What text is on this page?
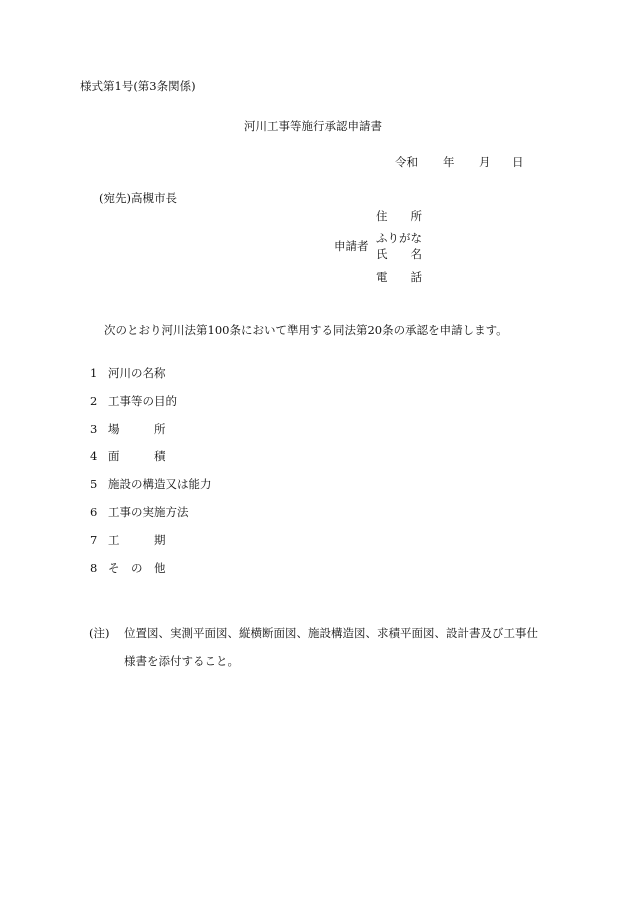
様式第1号(第3条関係)
河川工事等施行承認申請書
令和 年 月 日
(宛先)高槻市長
住　　所
申請者
ふりがな
氏　　名
電　　話
次のとおり河川法第100条において準用する同法第20条の承認を申請します。
1 河川の名称
2 工事等の目的
3 場　　　所
4 面　　　積
5 施設の構造又は能力
6 工事の実施方法
7 工　　　期
8 そ　の　他
(注) 位置図、実測平面図、縦横断面図、施設構造図、求積平面図、設計書及び工事仕
様書を添付すること。
